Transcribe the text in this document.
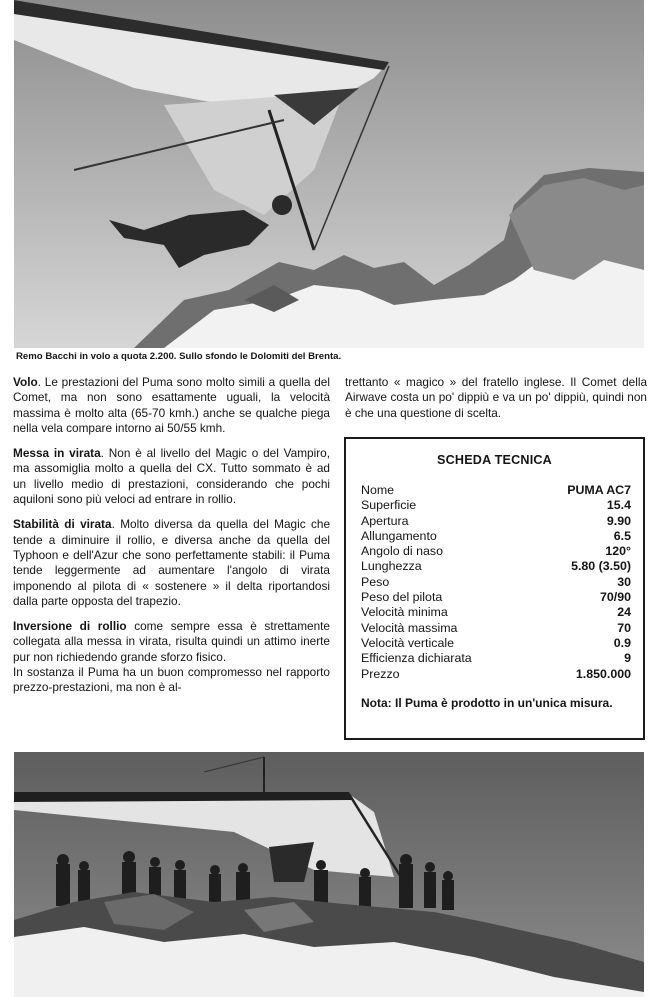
Remo Bacchi in volo a quota 2.200. Sullo sfondo le Dolomiti del Brenta.

Volo. Le prestazioni del Puma sono molto simili a quella del Comet, ma non sono esattamente uguali, la velocità massima è molto alta (65-70 kmh.) anche se qualche piega nella vela compare intorno ai 50/55 kmh.

Messa in virata. Non è al livello del Magic o del Vampiro, ma assomiglia molto a quella del CX. Tutto sommato è ad un livello medio di prestazioni, considerando che pochi aquiloni sono più veloci ad entrare in rollio.

Stabilità di virata. Molto diversa da quella del Magic che tende a diminuire il rollio, e diversa anche da quella del Typhoon e dell'Azur che sono perfettamente stabili: il Puma tende leggermente ad aumentare l'angolo di virata imponendo al pilota di « sostenere » il delta riportandosi dalla parte opposta del trapezio.

Inversione di rollio come sempre essa è strettamente collegata alla messa in virata, risulta quindi un attimo inerte pur non richiedendo grande sforzo fisico.
In sostanza il Puma ha un buon compromesso nel rapporto prezzo-prestazioni, ma non è al-

trettanto « magico » del fratello inglese. Il Comet della Airwave costa un po' dippiù e va un po' dippiù, quindi non è che una questione di scelta.

SCHEDA TECNICA
Nome	PUMA AC7
Superficie	15.4
Apertura	9.90
Allungamento	6.5
Angolo di naso	120°
Lunghezza	5.80 (3.50)
Peso	30
Peso del pilota	70/90
Velocità minima	24
Velocità massima	70
Velocità verticale	0.9
Efficienza dichiarata	9
Prezzo	1.850.000
Nota: Il Puma è prodotto in un'unica misura.
